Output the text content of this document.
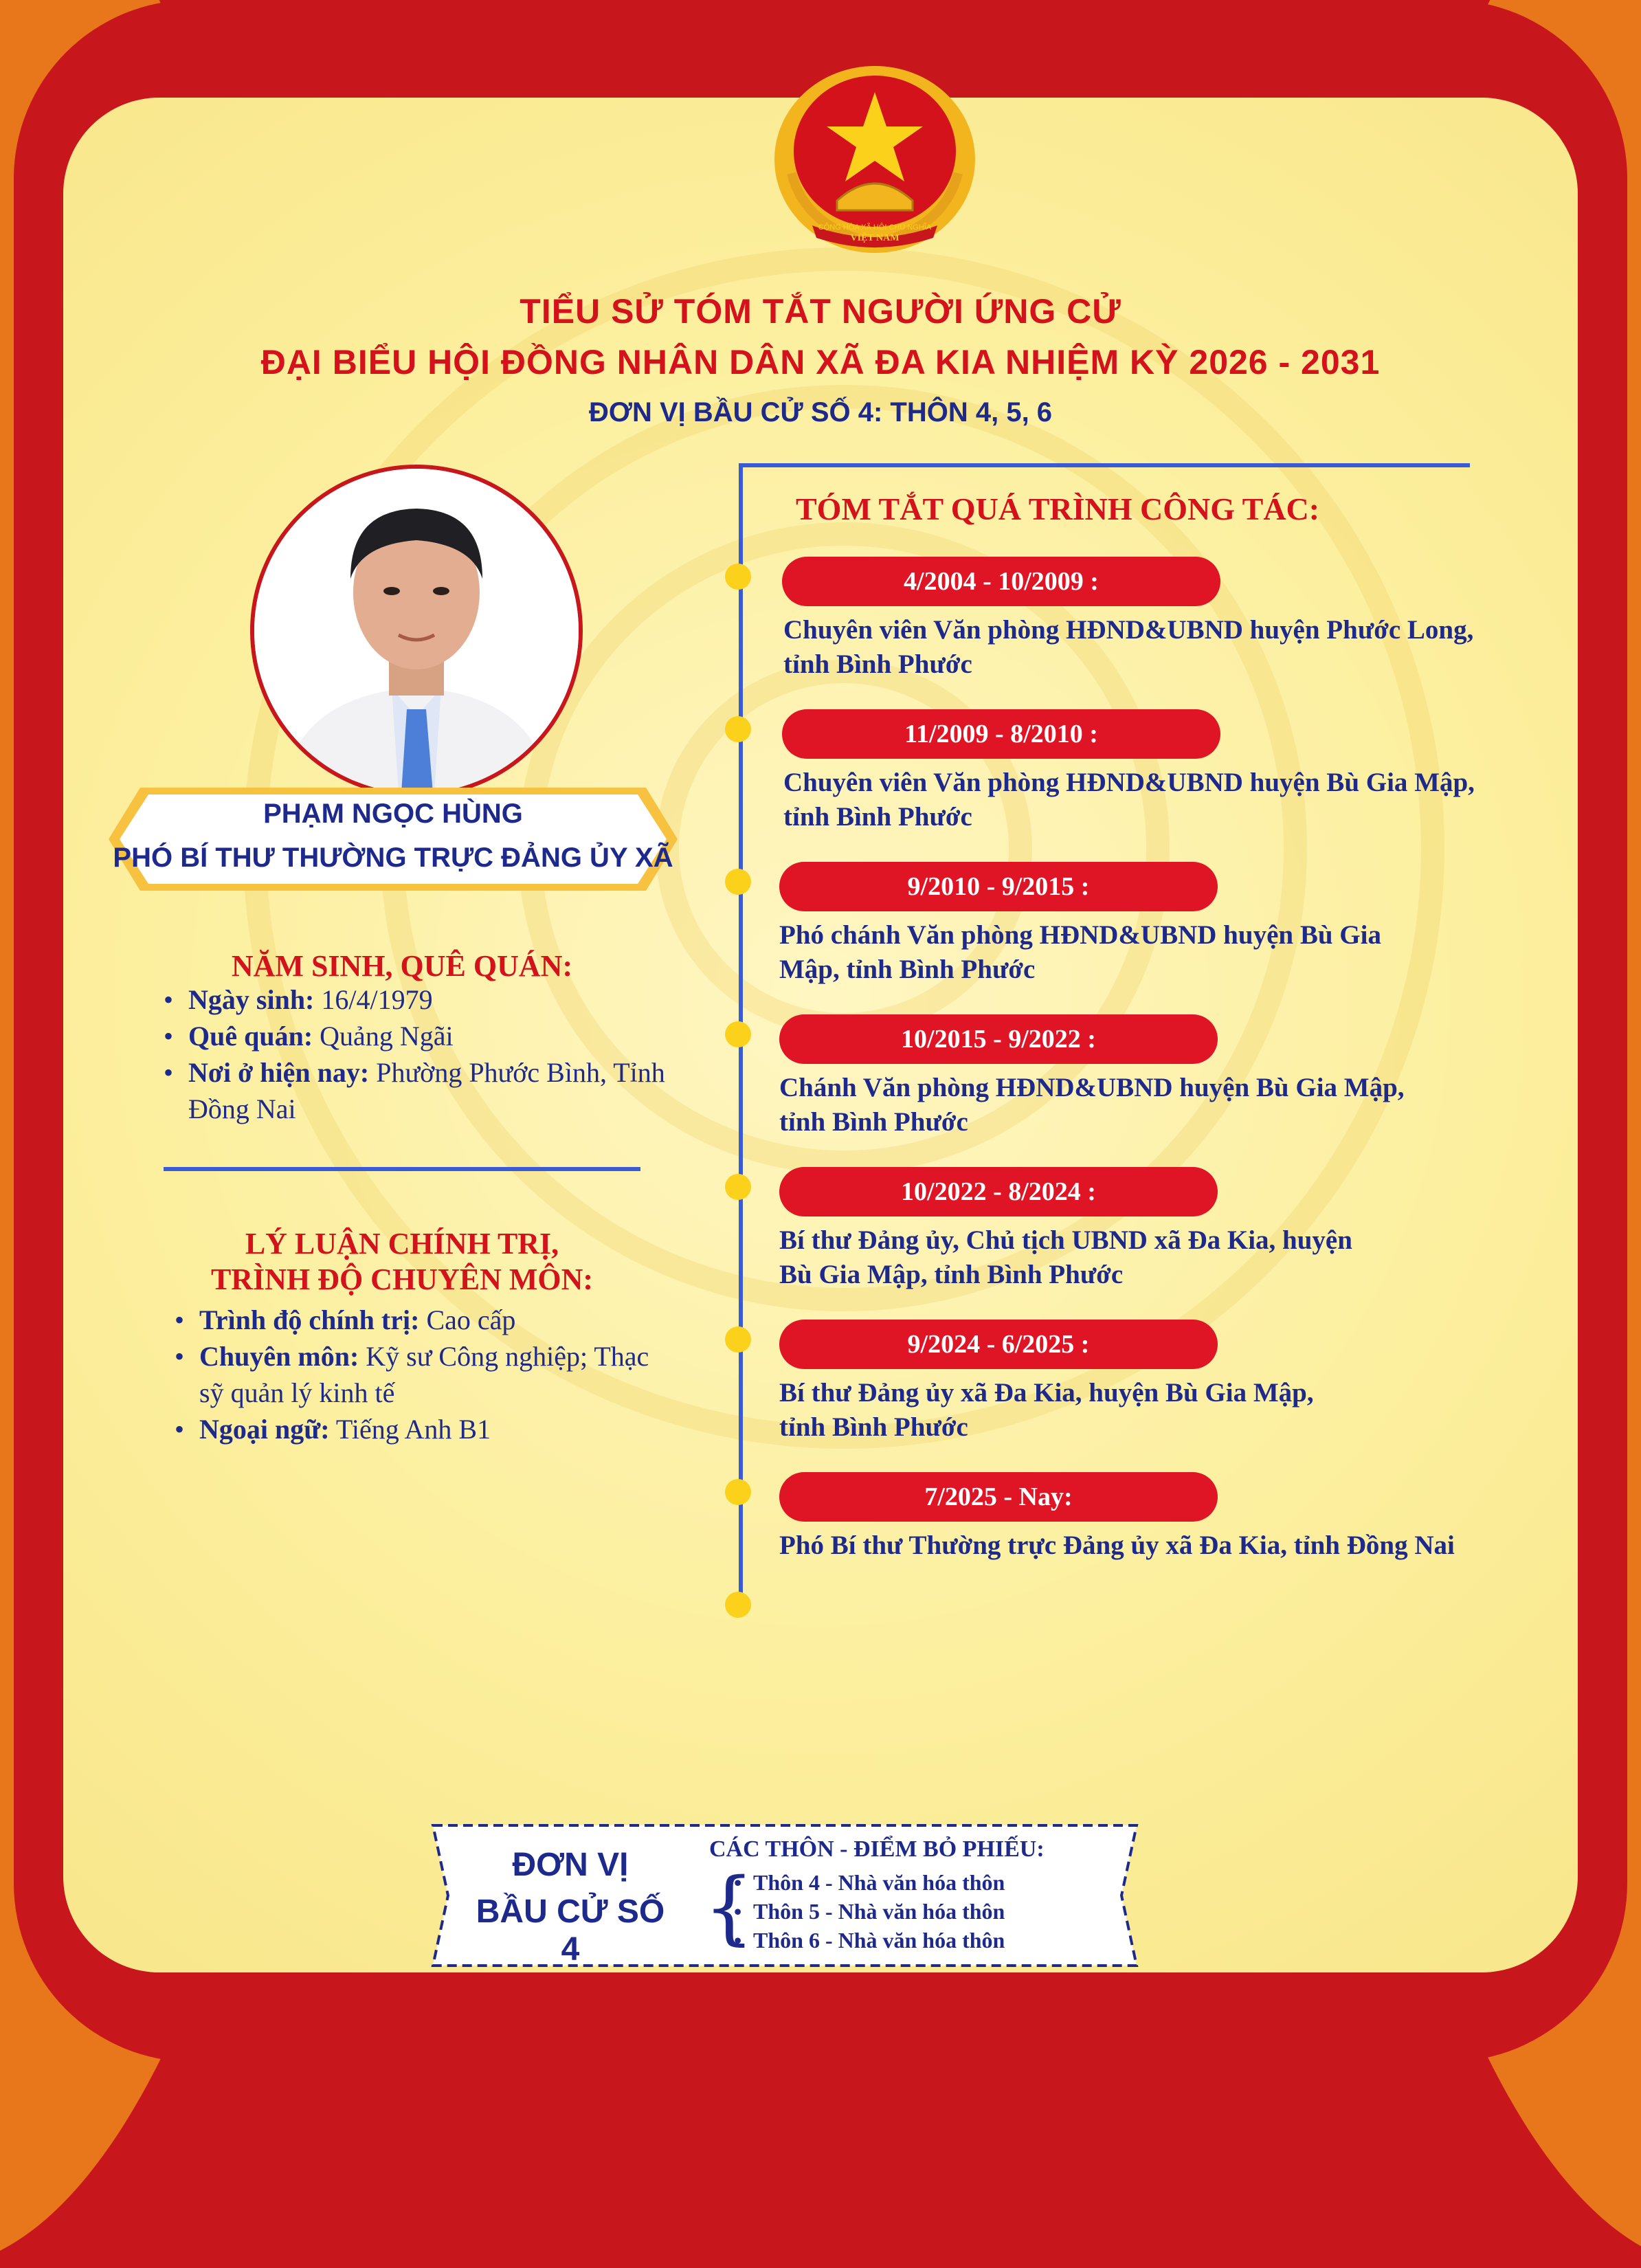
CỘNG HÒA XÃ HỘI CHỦ NGHĨA
VIỆT NAM
TIỂU SỬ TÓM TẮT NGƯỜI ỨNG CỬ
ĐẠI BIỂU HỘI ĐỒNG NHÂN DÂN XÃ ĐA KIA NHIỆM KỲ 2026 - 2031
ĐƠN VỊ BẦU CỬ SỐ 4: THÔN 4, 5, 6
PHẠM NGỌC HÙNG
PHÓ BÍ THƯ THƯỜNG TRỰC ĐẢNG ỦY XÃ
NĂM SINH, QUÊ QUÁN:
• Ngày sinh: 16/4/1979
• Quê quán: Quảng Ngãi
• Nơi ở hiện nay: Phường Phước Bình, Tỉnh Đồng Nai
LÝ LUẬN CHÍNH TRỊ,
TRÌNH ĐỘ CHUYÊN MÔN:
• Trình độ chính trị: Cao cấp
• Chuyên môn: Kỹ sư Công nghiệp; Thạc sỹ quản lý kinh tế
• Ngoại ngữ: Tiếng Anh B1
TÓM TẮT QUÁ TRÌNH CÔNG TÁC:
4/2004 - 10/2009 :
Chuyên viên Văn phòng HĐND&UBND huyện Phước Long,
tỉnh Bình Phước
11/2009 - 8/2010 :
Chuyên viên Văn phòng HĐND&UBND huyện Bù Gia Mập,
tỉnh Bình Phước
9/2010 - 9/2015 :
Phó chánh Văn phòng HĐND&UBND huyện Bù Gia
Mập, tỉnh Bình Phước
10/2015 - 9/2022 :
Chánh Văn phòng HĐND&UBND huyện Bù Gia Mập,
tỉnh Bình Phước
10/2022 - 8/2024 :
Bí thư Đảng ủy, Chủ tịch UBND xã Đa Kia, huyện
Bù Gia Mập, tỉnh Bình Phước
9/2024 - 6/2025 :
Bí thư Đảng ủy xã Đa Kia, huyện Bù Gia Mập,
tỉnh Bình Phước
7/2025 - Nay:
Phó Bí thư Thường trực Đảng ủy xã Đa Kia, tỉnh Đồng Nai
ĐƠN VỊ
BẦU CỬ SỐ 4
CÁC THÔN - ĐIỂM BỎ PHIẾU:
{
• Thôn 4 - Nhà văn hóa thôn
• Thôn 5 - Nhà văn hóa thôn
• Thôn 6 - Nhà văn hóa thôn
